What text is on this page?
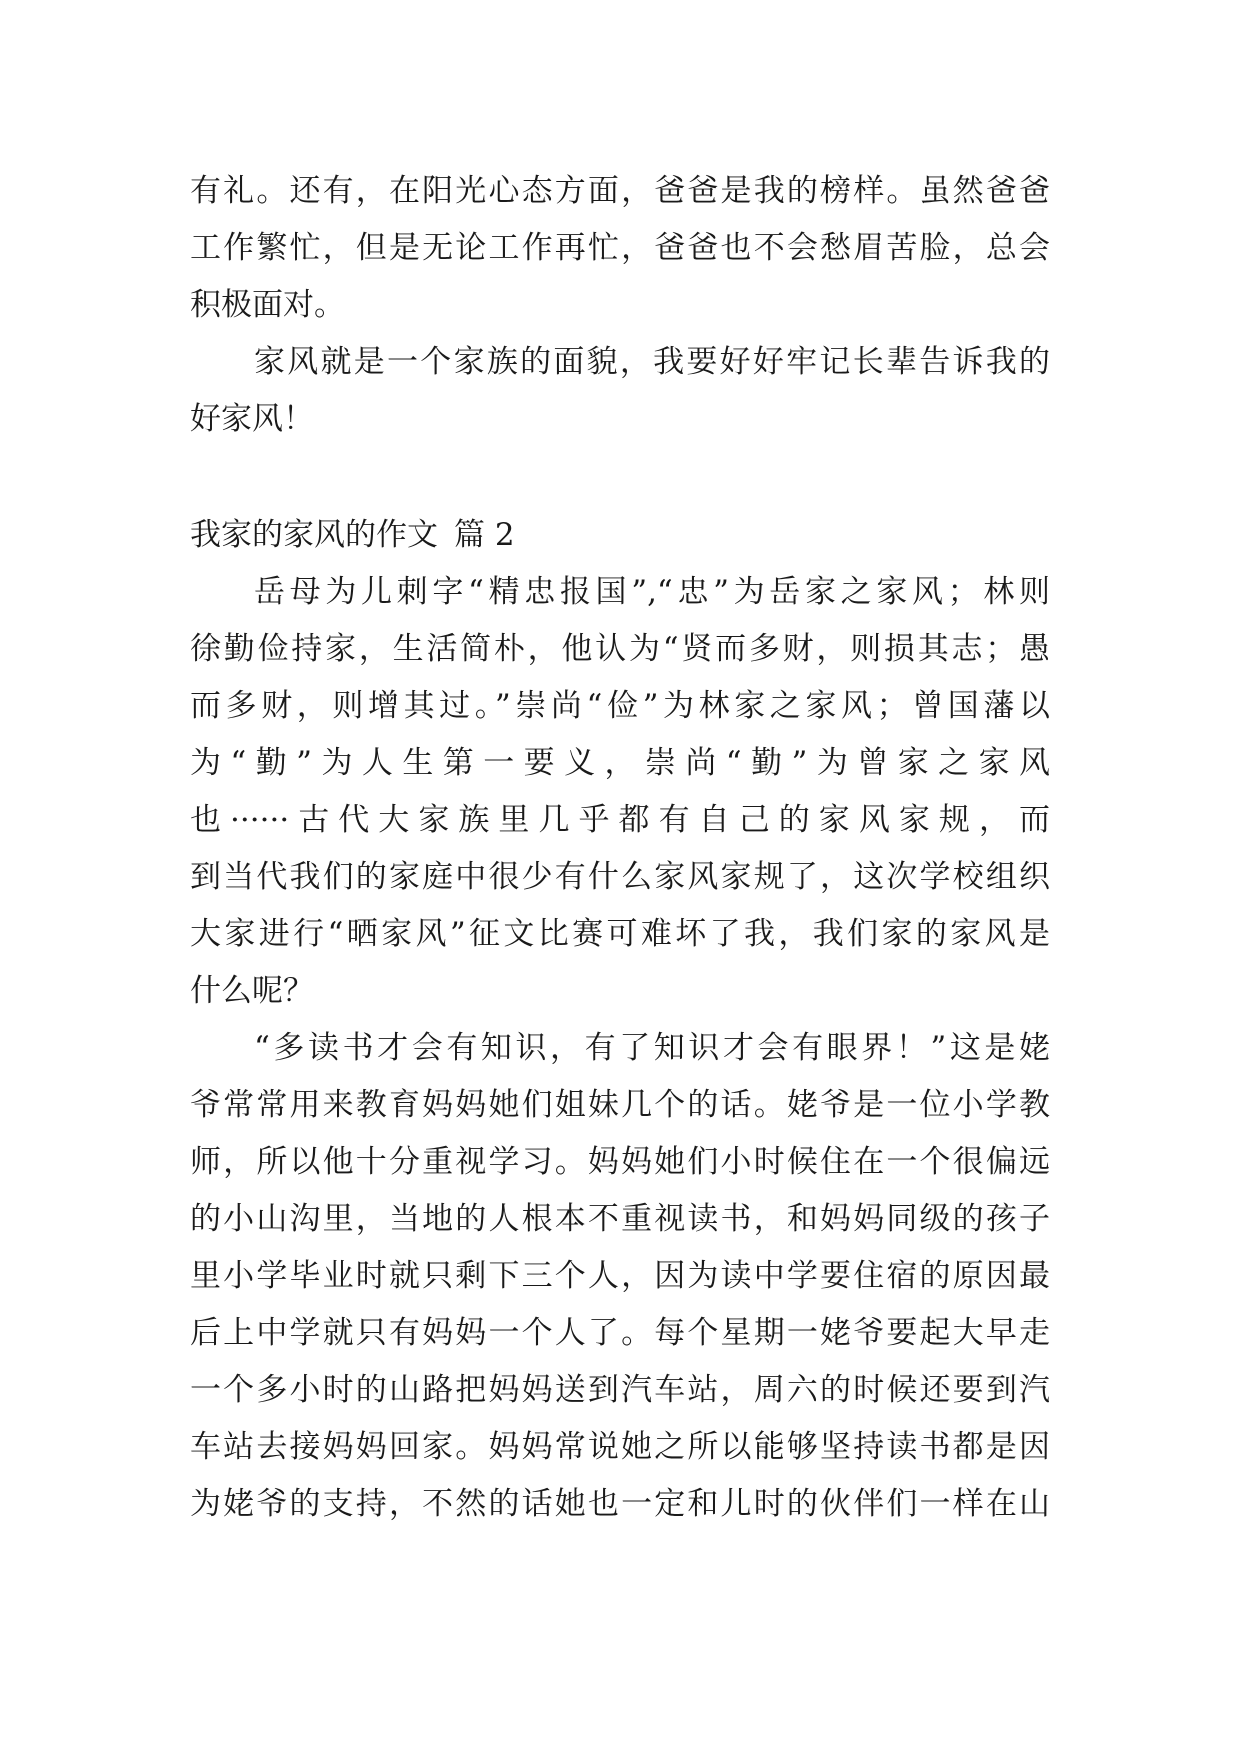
有礼。还有，在阳光心态方面，爸爸是我的榜样。虽然爸爸
工作繁忙，但是无论工作再忙，爸爸也不会愁眉苦脸，总会
积极面对。
家风就是一个家族的面貌，我要好好牢记长辈告诉我的
好家风！
我家的家风的作文 篇 2
岳母为儿刺字“精忠报国”,“忠”为岳家之家风；林则
徐勤俭持家，生活简朴，他认为“贤而多财，则损其志；愚
而多财，则增其过。”崇尚“俭”为林家之家风；曾国藩以
为“勤”为人生第一要义，崇尚“勤”为曾家之家风
也······古代大家族里几乎都有自己的家风家规，而
到当代我们的家庭中很少有什么家风家规了，这次学校组织
大家进行“晒家风”征文比赛可难坏了我，我们家的家风是
什么呢？
“多读书才会有知识，有了知识才会有眼界！”这是姥
爷常常用来教育妈妈她们姐妹几个的话。姥爷是一位小学教
师，所以他十分重视学习。妈妈她们小时候住在一个很偏远
的小山沟里，当地的人根本不重视读书，和妈妈同级的孩子
里小学毕业时就只剩下三个人，因为读中学要住宿的原因最
后上中学就只有妈妈一个人了。每个星期一姥爷要起大早走
一个多小时的山路把妈妈送到汽车站，周六的时候还要到汽
车站去接妈妈回家。妈妈常说她之所以能够坚持读书都是因
为姥爷的支持，不然的话她也一定和儿时的伙伴们一样在山
